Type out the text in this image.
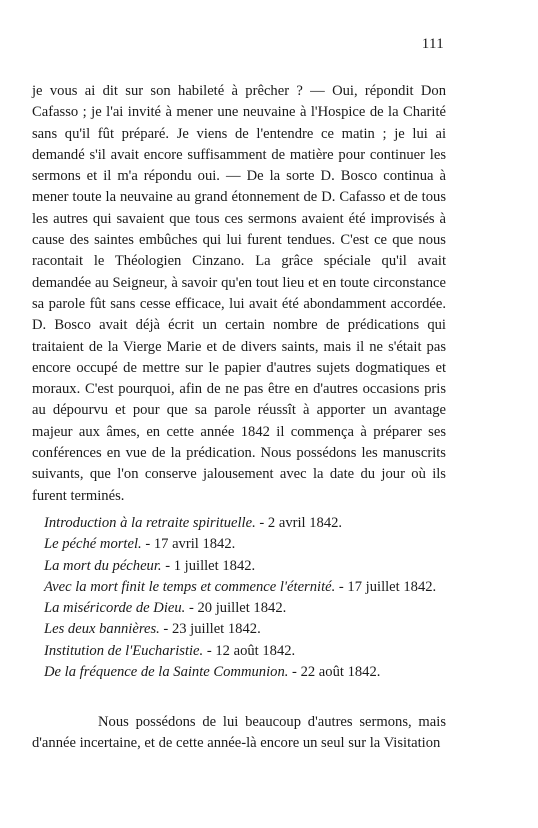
111

je vous ai dit sur son habileté à prêcher ? — Oui, répondit Don Cafasso ; je l'ai invité à mener une neuvaine à l'Hospice de la Charité sans qu'il fût préparé. Je viens de l'entendre ce matin ; je lui ai demandé s'il avait encore suffisamment de matière pour continuer les sermons et il m'a répondu oui. — De la sorte D. Bosco continua à mener toute la neuvaine au grand étonnement de D. Cafasso et de tous les autres qui savaient que tous ces sermons avaient été improvisés à cause des saintes embûches qui lui furent tendues. C'est ce que nous racontait le Théologien Cinzano. La grâce spéciale qu'il avait demandée au Seigneur, à savoir qu'en tout lieu et en toute circonstance sa parole fût sans cesse efficace, lui avait été abondamment accordée. D. Bosco avait déjà écrit un certain nombre de prédications qui traitaient de la Vierge Marie et de divers saints, mais il ne s'était pas encore occupé de mettre sur le papier d'autres sujets dogmatiques et moraux. C'est pourquoi, afin de ne pas être en d'autres occasions pris au dépourvu et pour que sa parole réussît à apporter un avantage majeur aux âmes, en cette année 1842 il commença à préparer ses conférences en vue de la prédication. Nous possédons les manuscrits suivants, que l'on conserve jalousement avec la date du jour où ils furent terminés.

Introduction à la retraite spirituelle. - 2 avril 1842.
Le péché mortel. - 17 avril 1842.
La mort du pécheur. - 1 juillet 1842.
Avec la mort finit le temps et commence l'éternité. - 17 juillet 1842.
La miséricorde de Dieu. - 20 juillet 1842.
Les deux bannières. - 23 juillet 1842.
Institution de l'Eucharistie. - 12 août 1842.
De la fréquence de la Sainte Communion. - 22 août 1842.

Nous possédons de lui beaucoup d'autres sermons, mais d'année incertaine, et de cette année-là encore un seul sur la Visitation
